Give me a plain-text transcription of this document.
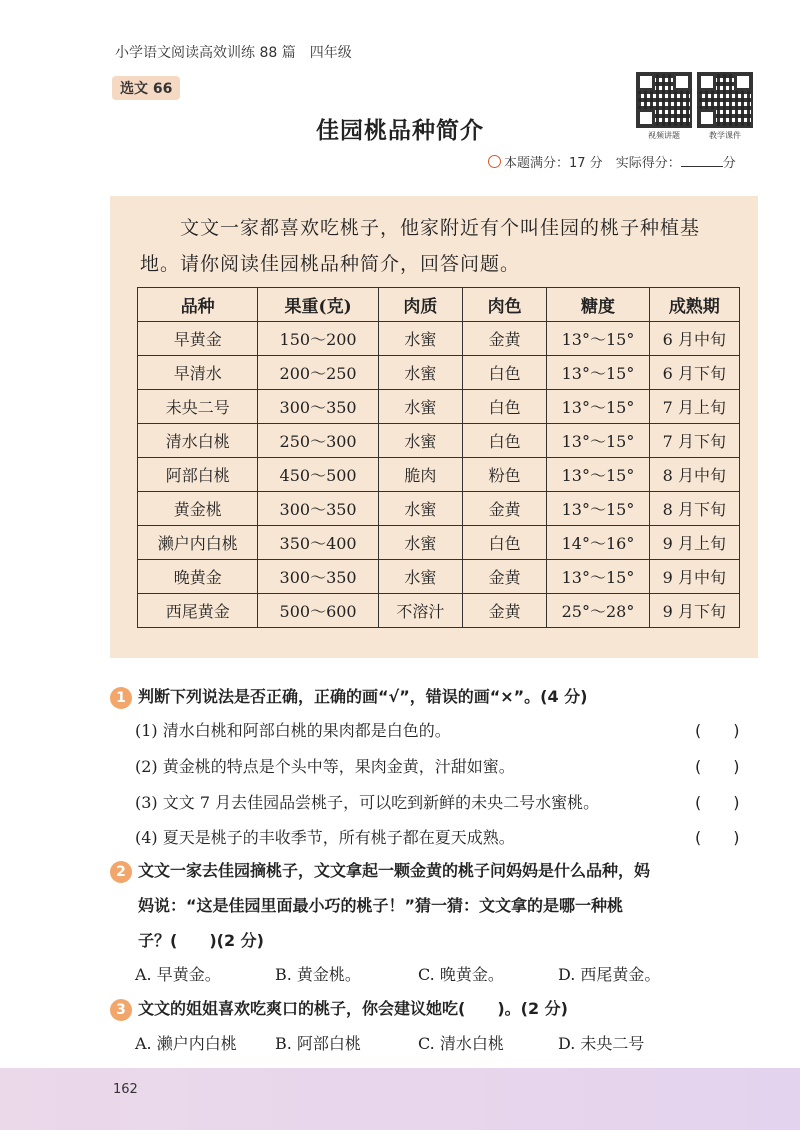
小学语文阅读高效训练 88 篇　四年级
选文 66
佳园桃品种简介	视频讲题	教学课件
本题满分：17 分　 实际得分：	分
　　文文一家都喜欢吃桃子，他家附近有个叫佳园的桃子种植基地。请你阅读佳园桃品种简介，回答问题。
品种	果重(克)	肉质	肉色	糖度	成熟期
早黄金	150～200	水蜜	金黄	13°～15°	6 月中旬
早清水	200～250	水蜜	白色	13°～15°	6 月下旬
未央二号	300～350	水蜜	白色	13°～15°	7 月上旬
清水白桃	250～300	水蜜	白色	13°～15°	7 月下旬
阿部白桃	450～500	脆肉	粉色	13°～15°	8 月中旬
黄金桃	300～350	水蜜	金黄	13°～15°	8 月下旬
濑户内白桃	350～400	水蜜	白色	14°～16°	9 月上旬
晚黄金	300～350	水蜜	金黄	13°～15°	9 月中旬
西尾黄金	500～600	不溶汁	金黄	25°～28°	9 月下旬
1 判断下列说法是否正确，正确的画“√”，错误的画“×”。(4 分)
(1) 清水白桃和阿部白桃的果肉都是白色的。
(2) 黄金桃的特点是个头中等，果肉金黄，汁甜如蜜。
(3) 文文 7 月去佳园品尝桃子，可以吃到新鲜的未央二号水蜜桃。
(4) 夏天是桃子的丰收季节，所有桃子都在夏天成熟。
(　　)
(　　)
(　　)
(　　)
2 文文一家去佳园摘桃子，文文拿起一颗金黄的桃子问妈妈是什么品种，妈
妈说：“这是佳园里面最小巧的桃子！”猜一猜：文文拿的是哪一种桃
子？(　　)(2 分)
A. 早黄金。	B. 黄金桃。	C. 晚黄金。	D. 西尾黄金。
3 文文的姐姐喜欢吃爽口的桃子，你会建议她吃(　　)。(2 分)
A. 濑户内白桃 B. 阿部白桃	C. 清水白桃	D. 未央二号
162
